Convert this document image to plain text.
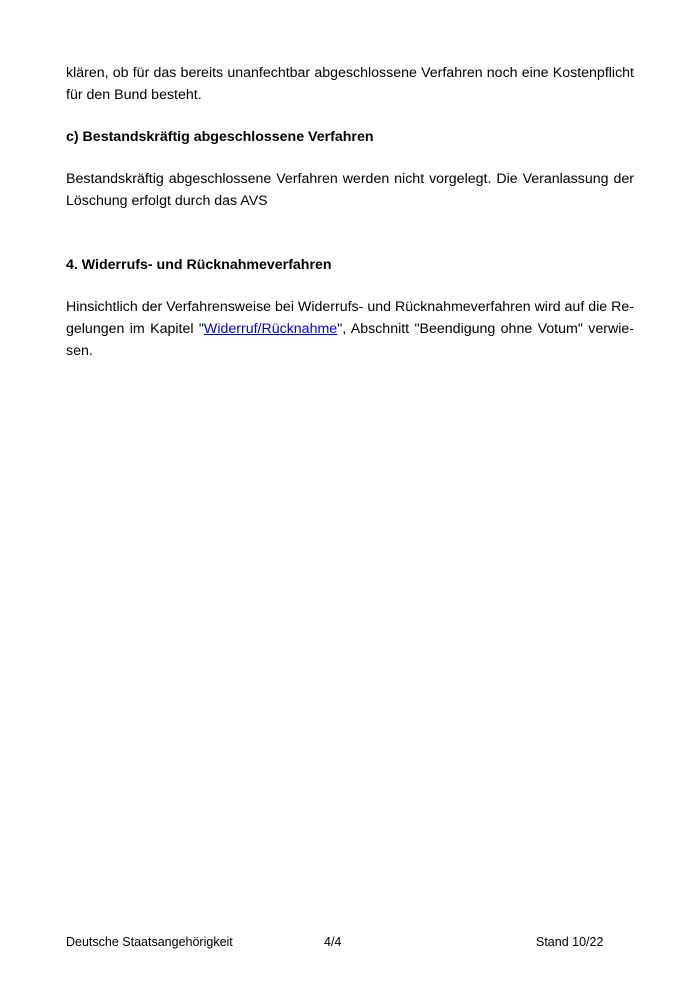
klären, ob für das bereits unanfechtbar abgeschlossene Verfahren noch eine Kostenpflicht für den Bund besteht.

c) Bestandskräftig abgeschlossene Verfahren

Bestandskräftig abgeschlossene Verfahren werden nicht vorgelegt. Die Veranlassung der Löschung erfolgt durch das AVS

4. Widerrufs- und Rücknahmeverfahren

Hinsichtlich der Verfahrensweise bei Widerrufs- und Rücknahmeverfahren wird auf die Regelungen im Kapitel "Widerruf/Rücknahme", Abschnitt "Beendigung ohne Votum" verwiesen.

Deutsche Staatsangehörigkeit	4/4	Stand 10/22
